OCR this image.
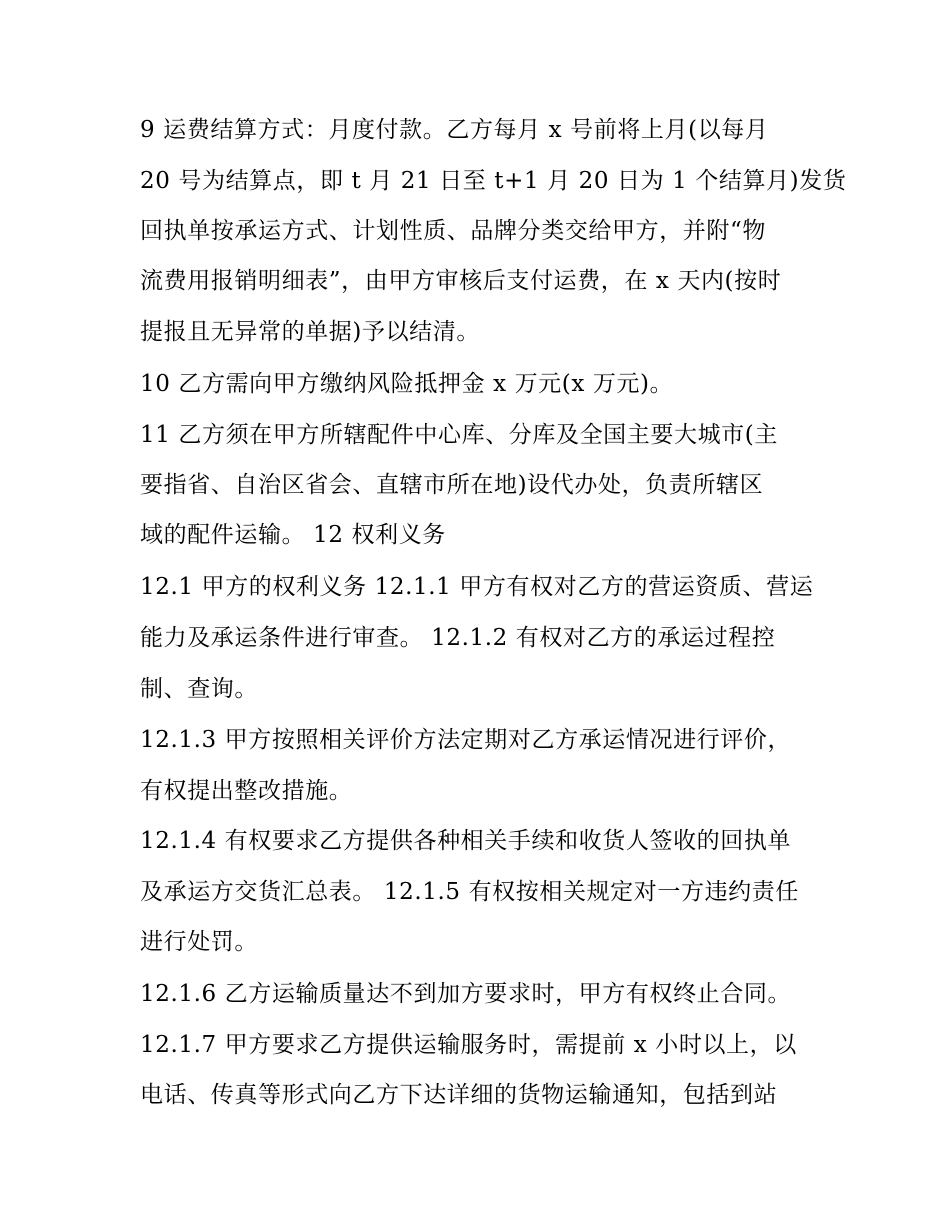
9 运费结算方式：月度付款。乙方每月 x 号前将上月(以每月
20 号为结算点，即 t 月 21 日至 t+1 月 20 日为 1 个结算月)发货
回执单按承运方式、计划性质、品牌分类交给甲方，并附“物
流费用报销明细表”，由甲方审核后支付运费，在 x 天内(按时
提报且无异常的单据)予以结清。
10 乙方需向甲方缴纳风险抵押金 x 万元(x 万元)。
11 乙方须在甲方所辖配件中心库、分库及全国主要大城市(主
要指省、自治区省会、直辖市所在地)设代办处，负责所辖区
域的配件运输。 12 权利义务
12.1 甲方的权利义务 12.1.1 甲方有权对乙方的营运资质、营运
能力及承运条件进行审查。 12.1.2 有权对乙方的承运过程控
制、查询。
12.1.3 甲方按照相关评价方法定期对乙方承运情况进行评价，
有权提出整改措施。
12.1.4 有权要求乙方提供各种相关手续和收货人签收的回执单
及承运方交货汇总表。 12.1.5 有权按相关规定对一方违约责任
进行处罚。
12.1.6 乙方运输质量达不到加方要求时，甲方有权终止合同。
12.1.7 甲方要求乙方提供运输服务时，需提前 x 小时以上，以
电话、传真等形式向乙方下达详细的货物运输通知，包括到站
